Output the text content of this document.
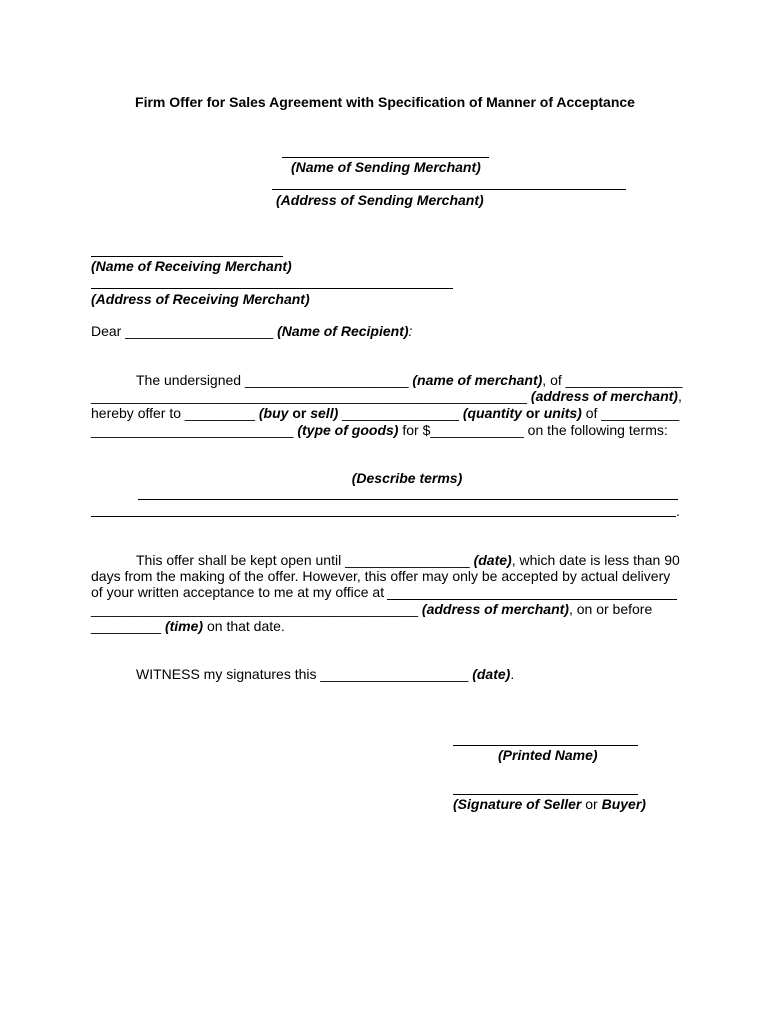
Firm Offer for Sales Agreement with Specification of Manner of Acceptance
(Name of Sending Merchant)
(Address of Sending Merchant)
(Name of Receiving Merchant)
(Address of Receiving Merchant)
Dear ___________________ (Name of Recipient):
The undersigned _____________________ (name of merchant), of _______________
________________________________________________________ (address of merchant),
hereby offer to _________ (buy or sell) _______________ (quantity or units) of __________
__________________________ (type of goods) for $____________ on the following terms:
(Describe terms)
.
This offer shall be kept open until ________________ (date), which date is less than 90
days from the making of the offer. However, this offer may only be accepted by actual delivery
of your written acceptance to me at my office at
__________________________________________ (address of merchant), on or before
_________ (time) on that date.
WITNESS my signatures this ___________________ (date).
(Printed Name)
(Signature of Seller or Buyer)
